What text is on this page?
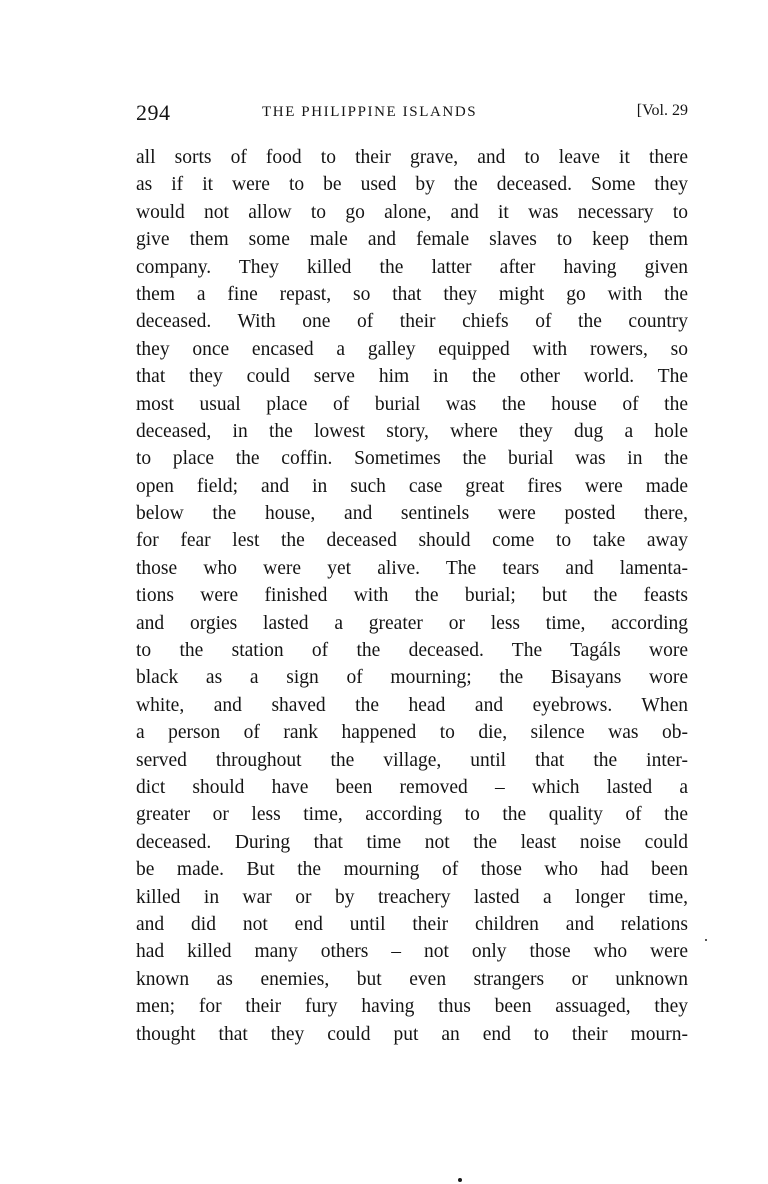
294	THE PHILIPPINE ISLANDS	[Vol. 29
all sorts of food to their grave, and to leave it there
as if it were to be used by the deceased. Some they
would not allow to go alone, and it was necessary to
give them some male and female slaves to keep them
company. They killed the latter after having given
them a fine repast, so that they might go with the
deceased. With one of their chiefs of the country
they once encased a galley equipped with rowers, so
that they could serve him in the other world. The
most usual place of burial was the house of the
deceased, in the lowest story, where they dug a hole
to place the coffin. Sometimes the burial was in the
open field; and in such case great fires were made
below the house, and sentinels were posted there,
for fear lest the deceased should come to take away
those who were yet alive. The tears and lamenta-
tions were finished with the burial; but the feasts
and orgies lasted a greater or less time, according
to the station of the deceased. The Tagáls wore
black as a sign of mourning; the Bisayans wore
white, and shaved the head and eyebrows. When
a person of rank happened to die, silence was ob-
served throughout the village, until that the inter-
dict should have been removed – which lasted a
greater or less time, according to the quality of the
deceased. During that time not the least noise could
be made. But the mourning of those who had been
killed in war or by treachery lasted a longer time,
and did not end until their children and relations
had killed many others – not only those who were
known as enemies, but even strangers or unknown
men; for their fury having thus been assuaged, they
thought that they could put an end to their mourn-
